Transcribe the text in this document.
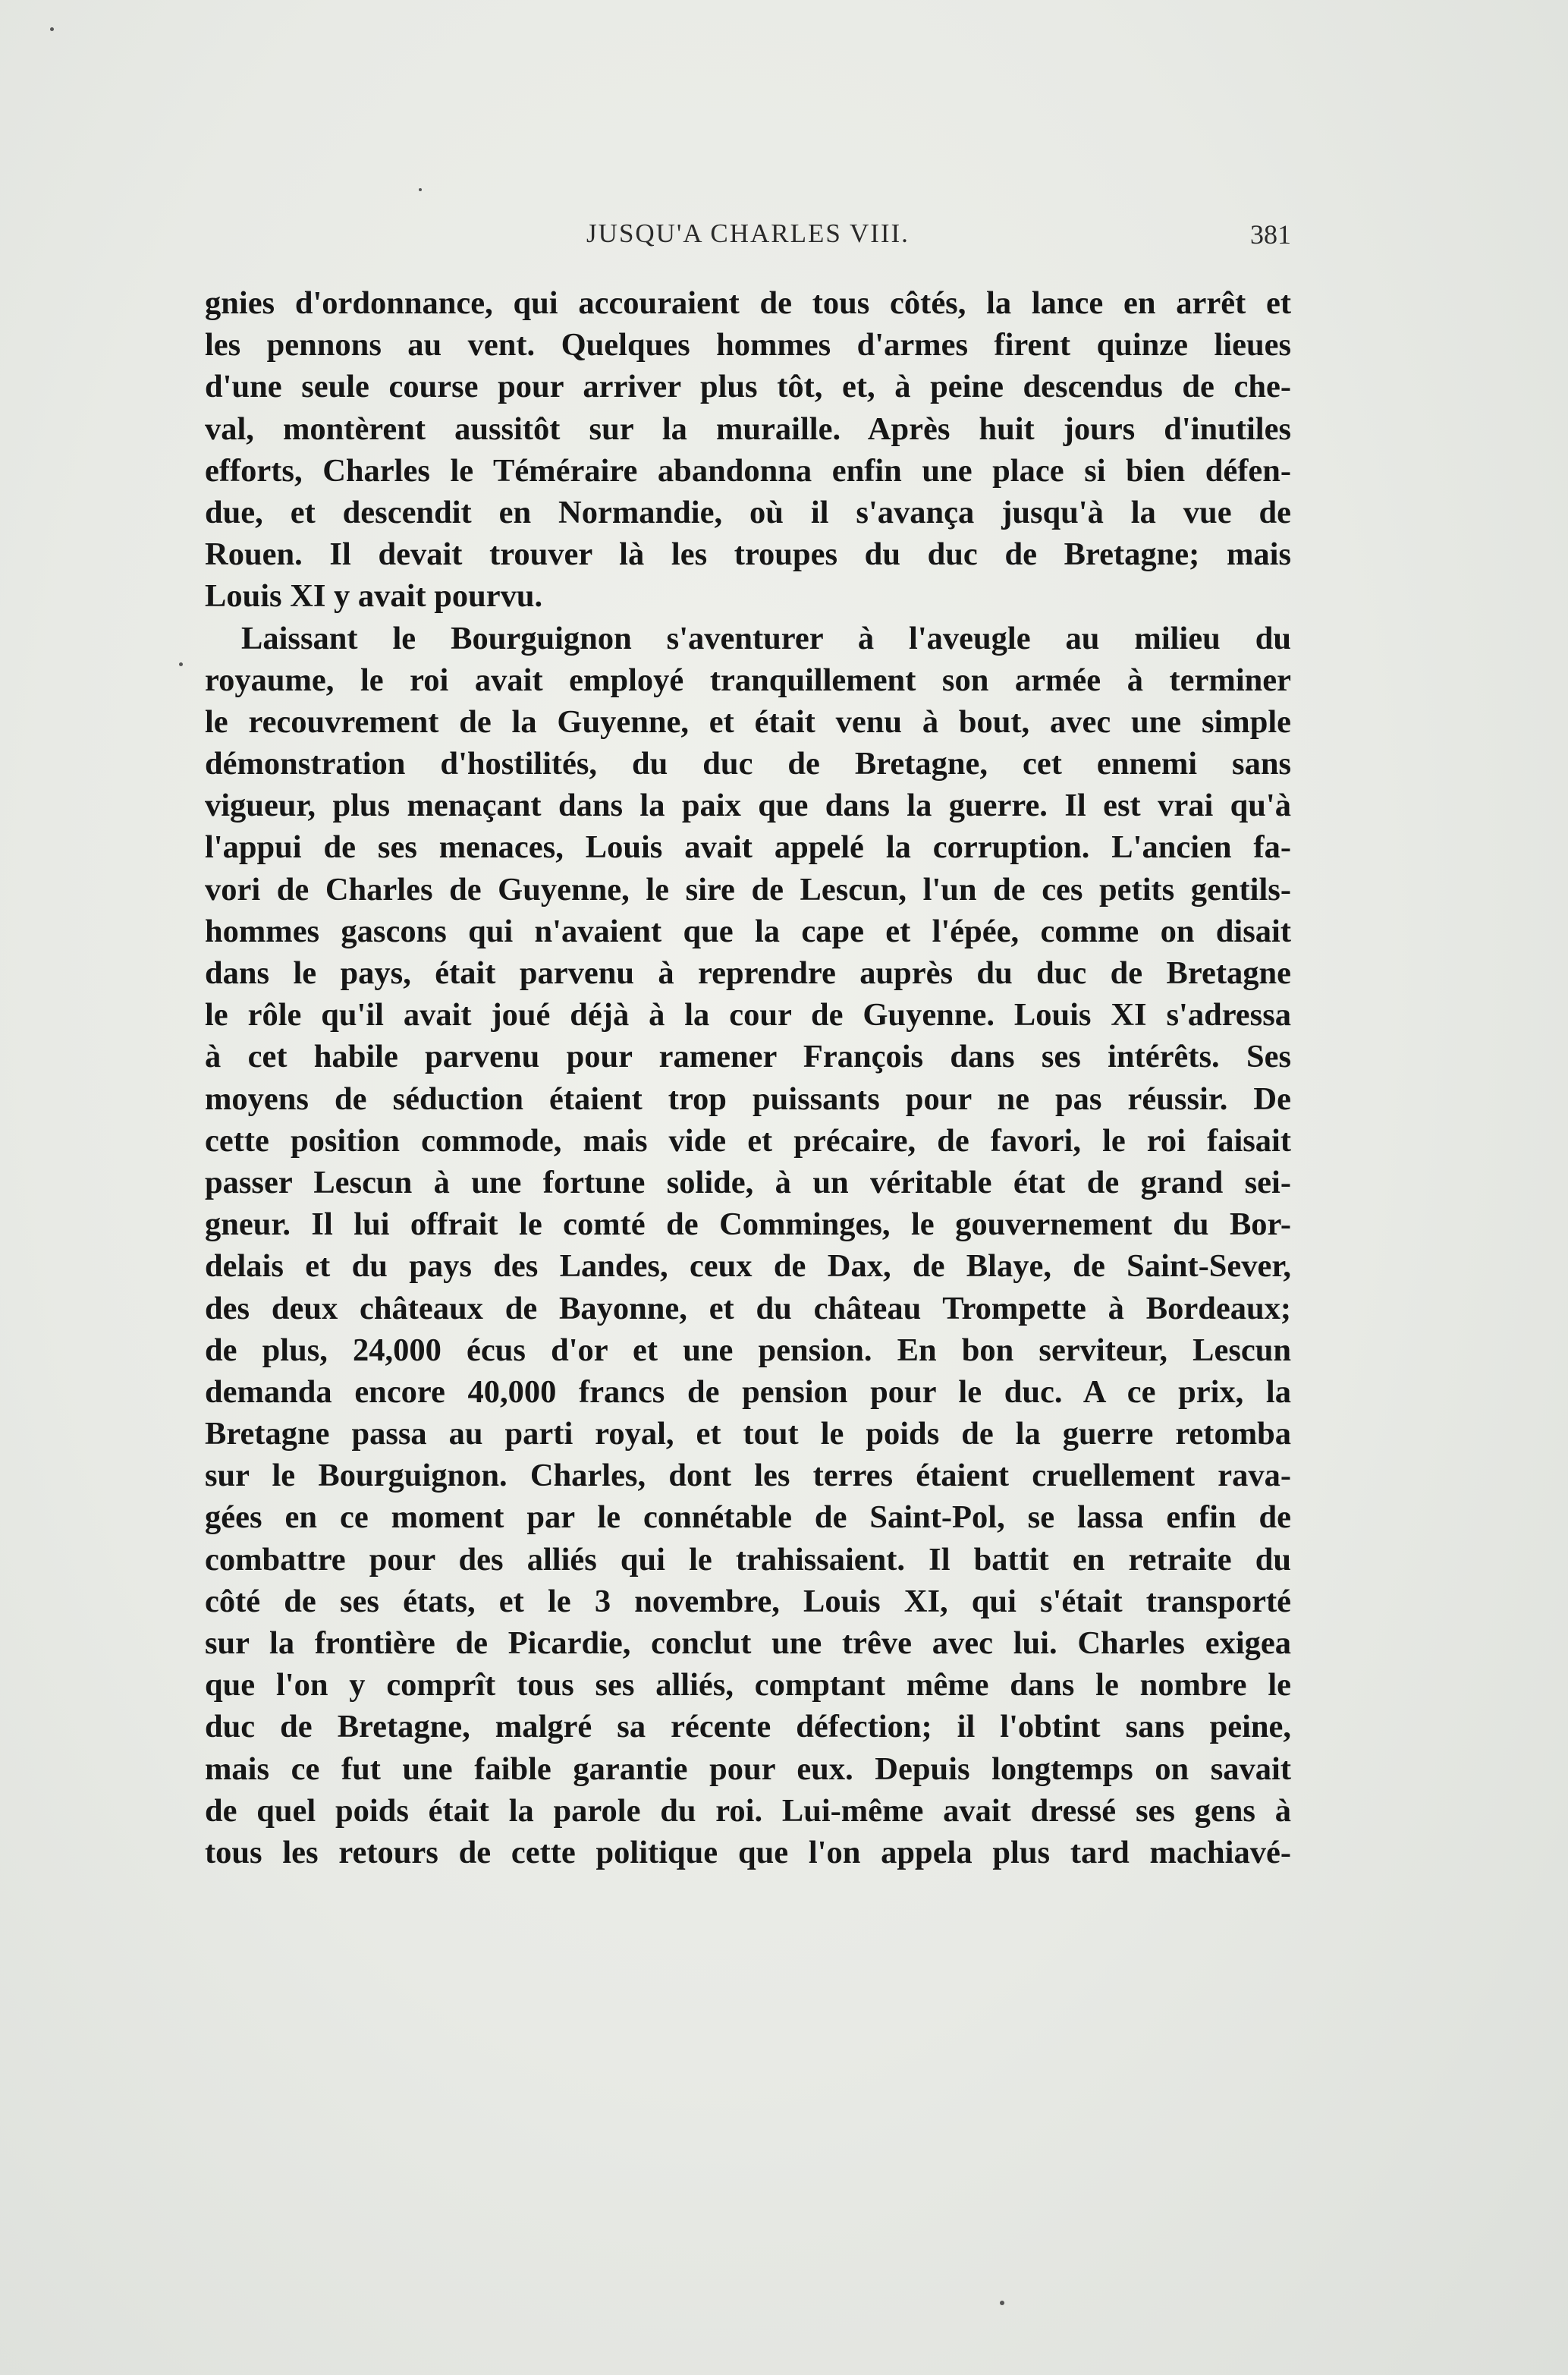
JUSQU'A CHARLES VIII.	381
gnies d'ordonnance, qui accouraient de tous côtés, la lance en arrêt et
les pennons au vent. Quelques hommes d'armes firent quinze lieues
d'une seule course pour arriver plus tôt, et, à peine descendus de che-
val, montèrent aussitôt sur la muraille. Après huit jours d'inutiles
efforts, Charles le Téméraire abandonna enfin une place si bien défen-
due, et descendit en Normandie, où il s'avança jusqu'à la vue de
Rouen. Il devait trouver là les troupes du duc de Bretagne; mais
Louis XI y avait pourvu.
Laissant le Bourguignon s'aventurer à l'aveugle au milieu du
royaume, le roi avait employé tranquillement son armée à terminer
le recouvrement de la Guyenne, et était venu à bout, avec une simple
démonstration d'hostilités, du duc de Bretagne, cet ennemi sans
vigueur, plus menaçant dans la paix que dans la guerre. Il est vrai qu'à
l'appui de ses menaces, Louis avait appelé la corruption. L'ancien fa-
vori de Charles de Guyenne, le sire de Lescun, l'un de ces petits gentils-
hommes gascons qui n'avaient que la cape et l'épée, comme on disait
dans le pays, était parvenu à reprendre auprès du duc de Bretagne
le rôle qu'il avait joué déjà à la cour de Guyenne. Louis XI s'adressa
à cet habile parvenu pour ramener François dans ses intérêts. Ses
moyens de séduction étaient trop puissants pour ne pas réussir. De
cette position commode, mais vide et précaire, de favori, le roi faisait
passer Lescun à une fortune solide, à un véritable état de grand sei-
gneur. Il lui offrait le comté de Comminges, le gouvernement du Bor-
delais et du pays des Landes, ceux de Dax, de Blaye, de Saint-Sever,
des deux châteaux de Bayonne, et du château Trompette à Bordeaux;
de plus, 24,000 écus d'or et une pension. En bon serviteur, Lescun
demanda encore 40,000 francs de pension pour le duc. A ce prix, la
Bretagne passa au parti royal, et tout le poids de la guerre retomba
sur le Bourguignon. Charles, dont les terres étaient cruellement rava-
gées en ce moment par le connétable de Saint-Pol, se lassa enfin de
combattre pour des alliés qui le trahissaient. Il battit en retraite du
côté de ses états, et le 3 novembre, Louis XI, qui s'était transporté
sur la frontière de Picardie, conclut une trêve avec lui. Charles exigea
que l'on y comprît tous ses alliés, comptant même dans le nombre le
duc de Bretagne, malgré sa récente défection; il l'obtint sans peine,
mais ce fut une faible garantie pour eux. Depuis longtemps on savait
de quel poids était la parole du roi. Lui-même avait dressé ses gens à
tous les retours de cette politique que l'on appela plus tard machiavé-
